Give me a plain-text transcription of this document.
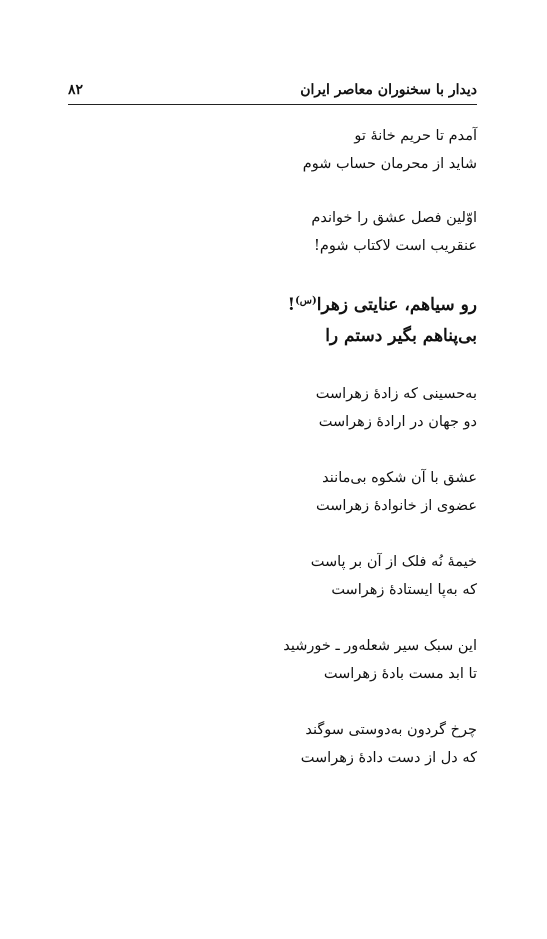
دیدار با سخنوران معاصر ایران
۸۲
آمدم تا حریم خانهٔ تو
شاید از محرمان حساب شوم
اوّلین فصل عشق را خواندم
عنقریب است لاکتاب شوم!
رو سیاهم، عنایتی زهرا$^{(س)}$!
بی‌پناهم بگیر دستم را
به‌حسینی که زادهٔ زهراست
دو جهان در ارادهٔ زهراست
عشق با آن شکوه بی‌مانند
عضوی از خانوادهٔ زهراست
خیمهٔ نُه فلک از آن بر پاست
که به‌پا ایستادهٔ زهراست
این سبک سیر شعله‌ور ـ خورشید
تا ابد مست بادهٔ زهراست
چرخ گردون به‌دوستی سوگند
که دل از دست دادهٔ زهراست
